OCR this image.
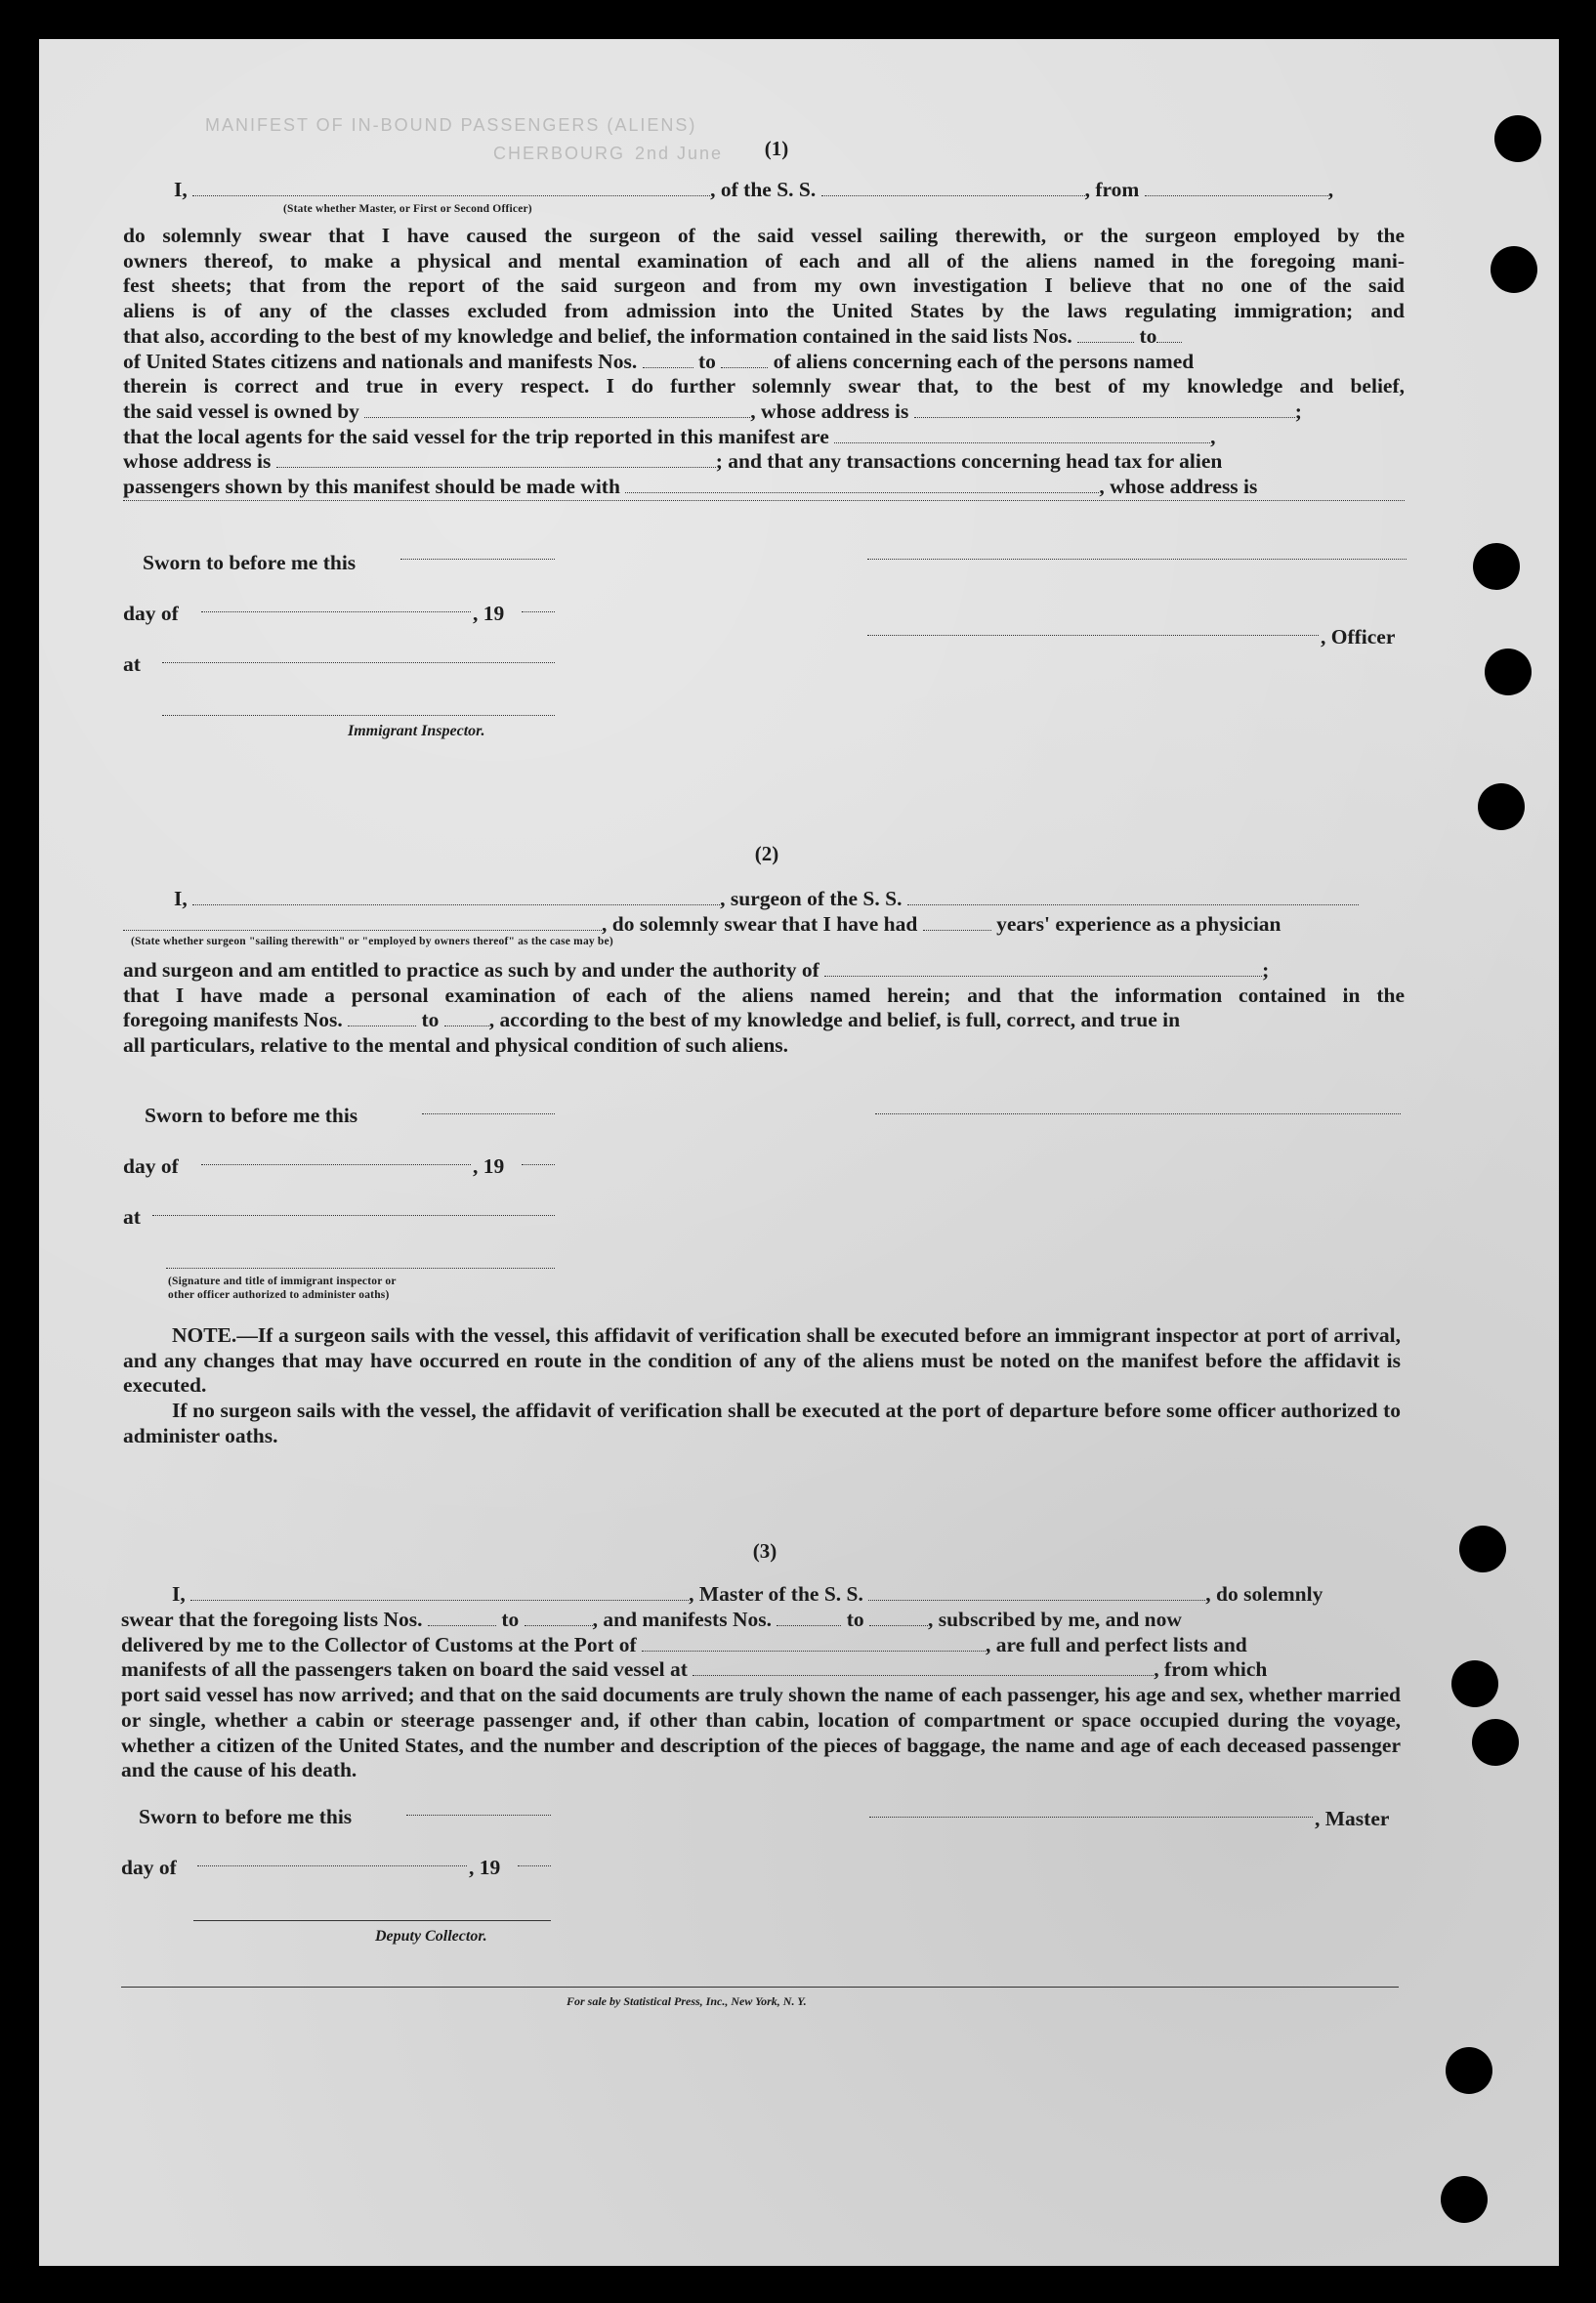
MANIFEST OF IN-BOUND PASSENGERS (ALIENS)
CHERBOURG 2nd June	(1)
I,	, of the S. S.	, from	,
(State whether Master, or First or Second Officer)
do solemnly swear that I have caused the surgeon of the said vessel sailing therewith, or the surgeon employed by the
owners thereof, to make a physical and mental examination of each and all of the aliens named in the foregoing mani-
fest sheets; that from the report of the said surgeon and from my own investigation I believe that no one of the said
aliens is of any of the classes excluded from admission into the United States by the laws regulating immigration; and
that also, according to the best of my knowledge and belief, the information contained in the said lists Nos.	to
of United States citizens and nationals and manifests Nos.	to	of aliens concerning each of the persons named
therein is correct and true in every respect. I do further solemnly swear that, to the best of my knowledge and belief,
the said vessel is owned by	, whose address is	;
that the local agents for the said vessel for the trip reported in this manifest are	,
whose address is	; and that any transactions concerning head tax for alien
passengers shown by this manifest should be made with	, whose address is
Sworn to before me this
day of	, 19
, Officer
at
Immigrant Inspector.
(2)
I,	, surgeon of the S. S.
, do solemnly swear that I have had	years' experience as a physician
(State whether surgeon "sailing therewith" or "employed by owners thereof" as the case may be)
and surgeon and am entitled to practice as such by and under the authority of	;
that I have made a personal examination of each of the aliens named herein; and that the information contained in the
foregoing manifests Nos.	to , according to the best of my knowledge and belief, is full, correct, and true in
all particulars, relative to the mental and physical condition of such aliens.
Sworn to before me this
day of	, 19
at
(Signature and title of immigrant inspector or
other officer authorized to administer oaths)
NOTE.—If a surgeon sails with the vessel, this affidavit of verification shall be executed before an immigrant inspector at port of arrival, and any changes that may have occurred en route in the condition of any of the aliens must be noted on the manifest before the affidavit is executed.
If no surgeon sails with the vessel, the affidavit of verification shall be executed at the port of departure before some officer authorized to administer oaths.
(3)
I,	, Master of the S. S.	, do solemnly
swear that the foregoing lists Nos.	to	, and manifests Nos.	to	, subscribed by me, and now
delivered by me to the Collector of Customs at the Port of	, are full and perfect lists and
manifests of all the passengers taken on board the said vessel at	, from which
port said vessel has now arrived; and that on the said documents are truly shown the name of each passenger, his age and sex, whether married or single, whether a cabin or steerage passenger and, if other than cabin, location of compartment or space occupied during the voyage, whether a citizen of the United States, and the number and description of the pieces of baggage, the name and age of each deceased passenger and the cause of his death.
Sworn to before me this	, Master
day of	, 19
Deputy Collector.
For sale by Statistical Press, Inc., New York, N. Y.
